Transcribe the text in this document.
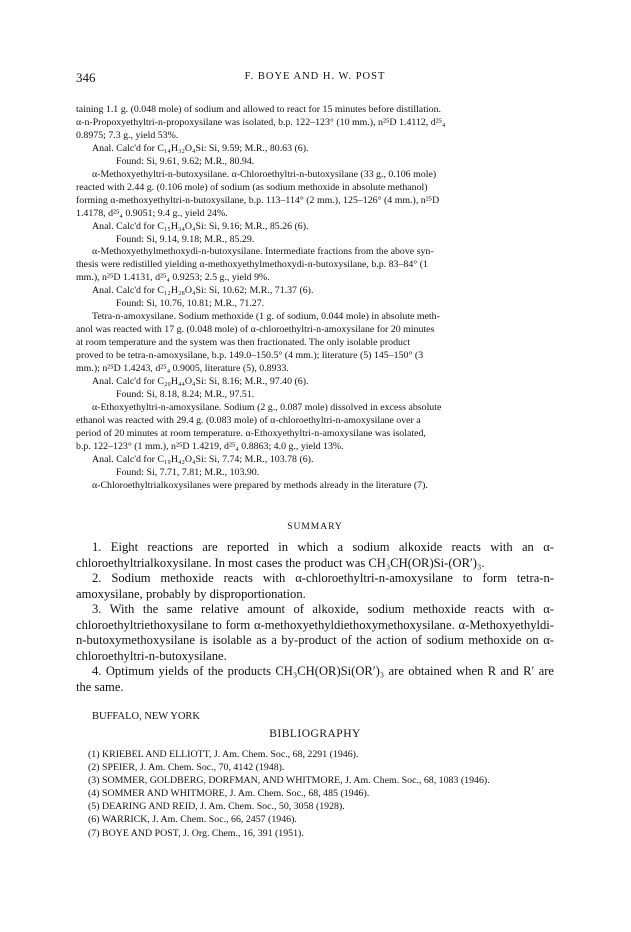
346	F. BOYE AND H. W. POST

taining 1.1 g. (0.048 mole) of sodium and allowed to react for 15 minutes before distillation.

α-n-Propoxyethyltri-n-propoxysilane was isolated, b.p. 122–123° (10 mm.), n²⁵D 1.4112, d²⁵₄

0.8975; 7.3 g., yield 53%.

Anal. Calc'd for C₁₄H₃₂O₄Si: Si, 9.59; M.R., 80.63 (6).

Found: Si, 9.61, 9.62; M.R., 80.94.

α-Methoxyethyltri-n-butoxysilane. α-Chloroethyltri-n-butoxysilane (33 g., 0.106 mole)

reacted with 2.44 g. (0.106 mole) of sodium (as sodium methoxide in absolute methanol)

forming α-methoxyethyltri-n-butoxysilane, b.p. 113–114° (2 mm.), 125–126° (4 mm.), n²⁵D

1.4178, d²⁵₄ 0.9051; 9.4 g., yield 24%.

Anal. Calc'd for C₁₅H₃₄O₄Si: Si, 9.16; M.R., 85.26 (6).

Found: Si, 9.14, 9.18; M.R., 85.29.

α-Methoxyethylmethoxydi-n-butoxysilane. Intermediate fractions from the above syn-

thesis were redistilled yielding α-methoxyethylmethoxydi-n-butoxysilane, b.p. 83–84° (1

mm.), n²⁵D 1.4131, d²⁵₄ 0.9253; 2.5 g., yield 9%.

Anal. Calc'd for C₁₂H₂₈O₄Si: Si, 10.62; M.R., 71.37 (6).

Found: Si, 10.76, 10.81; M.R., 71.27.

Tetra-n-amoxysilane. Sodium methoxide (1 g. of sodium, 0.044 mole) in absolute meth-

anol was reacted with 17 g. (0.048 mole) of α-chloroethyltri-n-amoxysilane for 20 minutes

at room temperature and the system was then fractionated. The only isolable product

proved to be tetra-n-amoxysilane, b.p. 149.0–150.5° (4 mm.); literature (5) 145–150° (3

mm.); n²⁵D 1.4243, d²⁵₄ 0.9005, literature (5), 0.8933.

Anal. Calc'd for C₂₀H₄₄O₄Si: Si, 8.16; M.R., 97.40 (6).

Found: Si, 8.18, 8.24; M.R., 97.51.

α-Ethoxyethyltri-n-amoxysilane. Sodium (2 g., 0.087 mole) dissolved in excess absolute

ethanol was reacted with 29.4 g. (0.083 mole) of α-chloroethyltri-n-amoxysilane over a

period of 20 minutes at room temperature. α-Ethoxyethyltri-n-amoxysilane was isolated,

b.p. 122–123° (1 mm.), n²⁵D 1.4219, d²⁵₄ 0.8863; 4.0 g., yield 13%.

Anal. Calc'd for C₁₉H₄₂O₄Si: Si, 7.74; M.R., 103.78 (6).

Found: Si, 7.71, 7.81; M.R., 103.90.

α-Chloroethyltrialkoxysilanes were prepared by methods already in the literature (7).

SUMMARY

1. Eight reactions are reported in which a sodium alkoxide reacts with an α-chloroethyltrialkoxysilane. In most cases the product was CH₃CH(OR)Si-(OR′)₃.

2. Sodium methoxide reacts with α-chloroethyltri-n-amoxysilane to form tetra-n-amoxysilane, probably by disproportionation.

3. With the same relative amount of alkoxide, sodium methoxide reacts with α-chloroethyltriethoxysilane to form α-methoxyethyldiethoxymethoxysilane. α-Methoxyethyldi-n-butoxymethoxysilane is isolable as a by-product of the action of sodium methoxide on α-chloroethyltri-n-butoxysilane.

4. Optimum yields of the products CH₃CH(OR)Si(OR′)₃ are obtained when R and R′ are the same.

BUFFALO, NEW YORK
BIBLIOGRAPHY

(1) KRIEBEL AND ELLIOTT, J. Am. Chem. Soc., 68, 2291 (1946).

(2) SPEIER, J. Am. Chem. Soc., 70, 4142 (1948).

(3) SOMMER, GOLDBERG, DORFMAN, AND WHITMORE, J. Am. Chem. Soc., 68, 1083 (1946).

(4) SOMMER AND WHITMORE, J. Am. Chem. Soc., 68, 485 (1946).

(5) DEARING AND REID, J. Am. Chem. Soc., 50, 3058 (1928).

(6) WARRICK, J. Am. Chem. Soc., 66, 2457 (1946).

(7) BOYE AND POST, J. Org. Chem., 16, 391 (1951).
